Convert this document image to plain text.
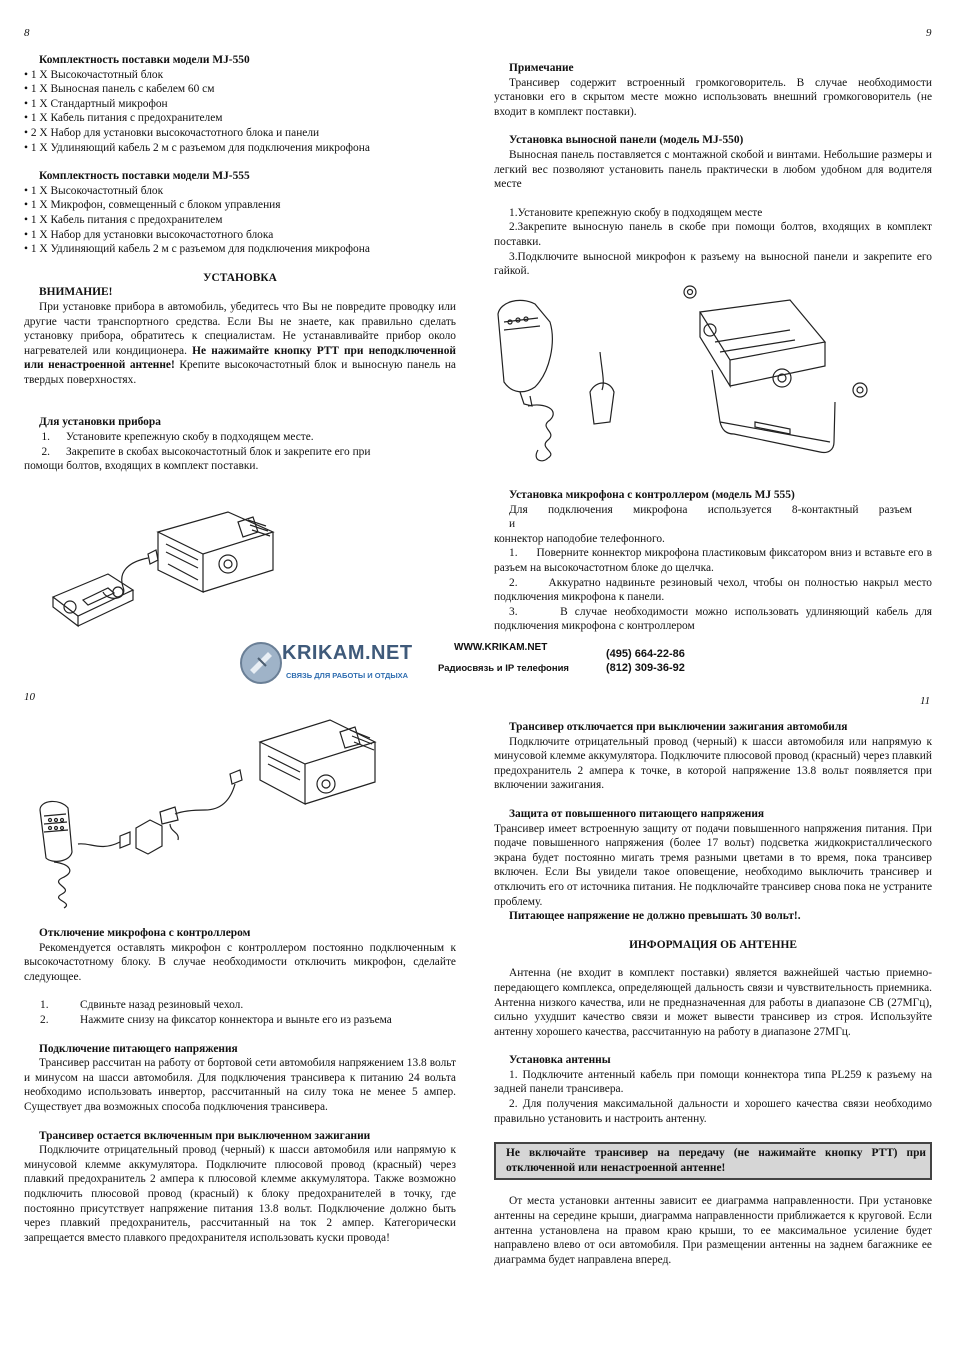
8	9
10	11

Комплектность поставки модели MJ-550

• 1 X Высокочастотный блок
• 1 X Выносная панель с кабелем 60 см
• 1 X Стандартный микрофон
• 1 X Кабель питания с предохранителем
• 2 X Набор для установки высокочастотного блока и панели
• 1 X Удлиняющий кабель 2 м с разъемом для подключения микрофона

Комплектность поставки модели MJ-555

• 1 X Высокочастотный блок
• 1 X Микрофон, совмещенный с блоком управления
• 1 X Кабель питания с предохранителем
• 1 X Набор для установки высокочастотного блока
• 1 X Удлиняющий кабель 2 м с разъемом для подключения микрофона

УСТАНОВКА

ВНИМАНИЕ!

При установке прибора в автомобиль, убедитесь что Вы не повредите проводку или другие части транспортного средства. Если Вы не знаете, как правильно сделать установку прибора, обратитесь к специалистам. Не устанавливайте прибор около нагревателей или кондиционера. Не нажимайте кнопку PTT при неподключенной или ненастроенной антенне! Крепите высокочастотный блок и выносную панель на твердых поверхностях.

Для установки прибора

1.	Установите крепежную скобу в подходящем месте.
2.	Закрепите в скобах высокочастотный блок и закрепите его при

помощи болтов, входящих в комплект поставки.

Примечание

Трансивер содержит встроенный громкоговоритель. В случае необходимости установки его в скрытом месте можно использовать внешний громкоговоритель (не входит в комплект поставки).

Установка выносной панели (модель MJ-550)

Выносная панель поставляется с монтажной скобой и винтами. Небольшие размеры и легкий вес позволяют установить панель практически в любом удобном для водителя месте

1.Установите крепежную скобу в подходящем месте

2.Закрепите выносную панель в скобе при помощи болтов, входящих в комплект поставки.

3.Подключите выносной микрофон к разъему на выносной панели и закрепите его гайкой.

Установка микрофона с контроллером (модель MJ 555)

Для подключения микрофона используется 8-контактный разъем

и

коннектор наподобие телефонного.

1. Поверните коннектор микрофона пластиковым фиксатором вниз и вставьте его в разъем на высокочастотном блоке до щелчка.

2.	Аккуратно надвиньте резиновый чехол, чтобы он полностью накрыл место подключения микрофона к панели.

3.	В случае необходимости можно использовать удлиняющий кабель для подключения микрофона с контроллером

KRIKAM.NET
СВЯЗЬ ДЛЯ РАБОТЫ И ОТДЫХА
WWW.KRIKAM.NET
Радиосвязь и IP телефония
(495) 664-22-86
(812) 309-36-92

Отключение микрофона с контроллером

Рекомендуется оставлять микрофон с контроллером постоянно подключенным к высокочастотному блоку. В случае необходимости отключить микрофон, сделайте следующее.

1.	Сдвиньте назад резиновый чехол.
2.	Нажмите снизу на фиксатор коннектора и выньте его из разъема

Подключение питающего напряжения

Трансивер рассчитан на работу от бортовой сети автомобиля напряжением 13.8 вольт и минусом на шасси автомобиля. Для подключения трансивера к питанию 24 вольта необходимо использовать инвертор, рассчитанный на силу тока не менее 5 ампер. Существует два возможных способа подключения трансивера.

Трансивер остается включенным при выключенном зажигании

Подключите отрицательный провод (черный) к шасси автомобиля или напрямую к минусовой клемме аккумулятора. Подключите плюсовой провод (красный) через плавкий предохранитель 2 ампера к плюсовой клемме аккумулятора. Также возможно подключить плюсовой провод (красный) к блоку предохранителей в точку, где постоянно присутствует напряжение питания 13.8 вольт. Подключение должно быть через плавкий предохранитель, рассчитанный на ток 2 ампер. Категорически запрещается вместо плавкого предохранителя использовать куски провода!

Трансивер отключается при выключении зажигания автомобиля

Подключите отрицательный провод (черный) к шасси автомобиля или напрямую к минусовой клемме аккумулятора. Подключите плюсовой провод (красный) через плавкий предохранитель 2 ампера к точке, в которой напряжение 13.8 вольт появляется при включении зажигания.

Защита от повышенного питающего напряжения

Трансивер имеет встроенную защиту от подачи повышенного напряжения питания. При подаче повышенного напряжения (более 17 вольт) подсветка жидкокристаллического экрана будет постоянно мигать тремя разными цветами в то время, пока трансивер включен. Если Вы увидели такое оповещение, необходимо выключить трансивер и отключить его от источника питания. Не подключайте трансивер снова пока не устраните проблему.

Питающее напряжение не должно превышать 30 вольт!.

ИНФОРМАЦИЯ ОБ АНТЕННЕ

Антенна (не входит в комплект поставки) является важнейшей частью приемно-передающего комплекса, определяющей дальность связи и чувствительность приемника. Антенна низкого качества, или не предназначенная для работы в диапазоне СВ (27МГц), сильно ухудшит качество связи и может вывести трансивер из строя. Используйте антенну хорошего качества, рассчитанную на работу в диапазоне 27МГц.

Установка антенны

1. Подключите антенный кабель при помощи коннектора типа PL259 к разъему на задней панели трансивера.

2. Для получения максимальной дальности и хорошего качества связи необходимо правильно установить и настроить антенну.

Не включайте трансивер на передачу (не нажимайте кнопку PTT) при отключенной или ненастроенной антенне!

От места установки антенны зависит ее диаграмма направленности. При установке антенны на середине крыши, диаграмма направленности приближается к круговой. Если антенна установлена на правом краю крыши, то ее максимальное усиление будет направлено влево от оси автомобиля. При размещении антенны на заднем багажнике ее диаграмма будет направлена вперед.
